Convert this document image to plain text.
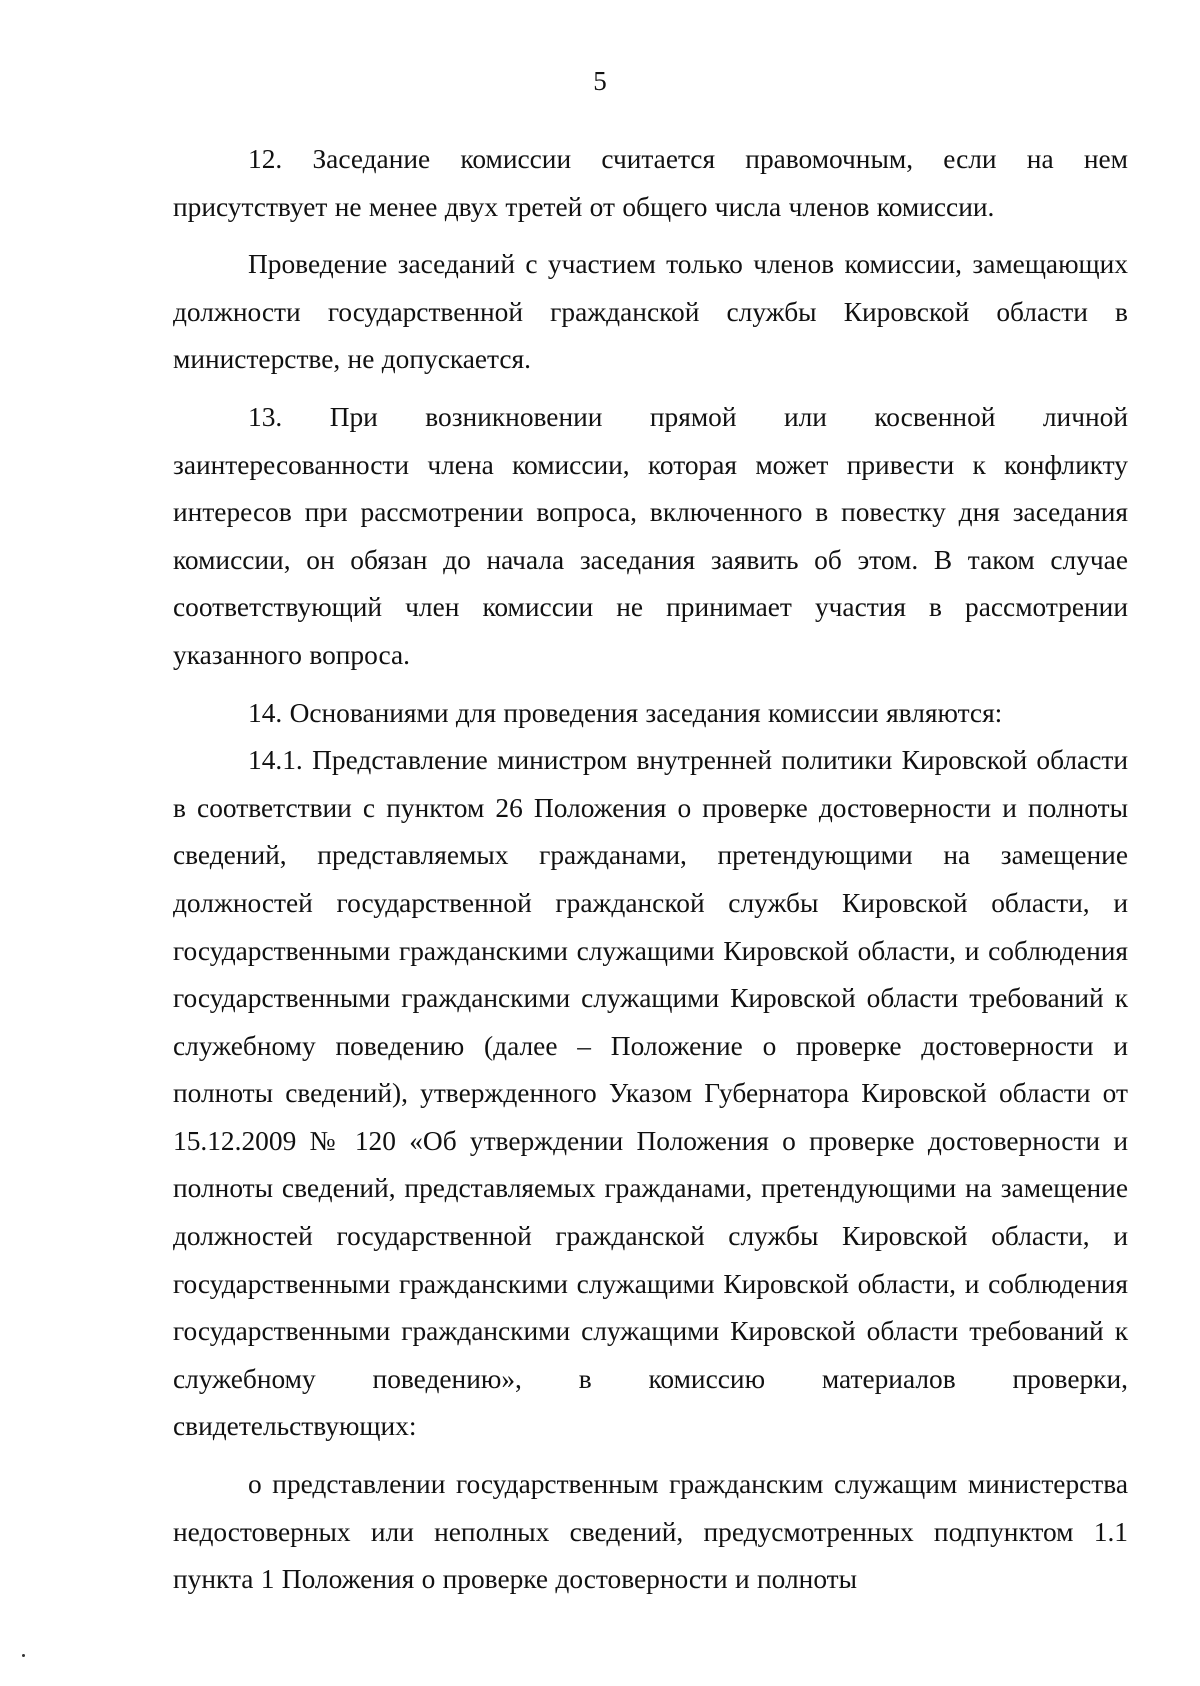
5

12. Заседание комиссии считается правомочным, если на нем присутствует не менее двух третей от общего числа членов комиссии.

Проведение заседаний с участием только членов комиссии, замещающих должности государственной гражданской службы Кировской области в министерстве, не допускается.

13. При возникновении прямой или косвенной личной заинтересованности члена комиссии, которая может привести к конфликту интересов при рассмотрении вопроса, включенного в повестку дня заседания комиссии, он обязан до начала заседания заявить об этом. В таком случае соответствующий член комиссии не принимает участия в рассмотрении указанного вопроса.

14. Основаниями для проведения заседания комиссии являются:

14.1. Представление министром внутренней политики Кировской области в соответствии с пунктом 26 Положения о проверке достоверности и полноты сведений, представляемых гражданами, претендующими на замещение должностей государственной гражданской службы Кировской области, и государственными гражданскими служащими Кировской области, и соблюдения государственными гражданскими служащими Кировской области требований к служебному поведению (далее – Положение о проверке достоверности и полноты сведений), утвержденного Указом Губернатора Кировской области от 15.12.2009 № 120 «Об утверждении Положения о проверке достоверности и полноты сведений, представляемых гражданами, претендующими на замещение должностей государственной гражданской службы Кировской области, и государственными гражданскими служащими Кировской области, и соблюдения государственными гражданскими служащими Кировской области требований к служебному поведению», в комиссию материалов проверки, свидетельствующих:

о представлении государственным гражданским служащим министерства недостоверных или неполных сведений, предусмотренных подпунктом 1.1 пункта 1 Положения о проверке достоверности и полноты
